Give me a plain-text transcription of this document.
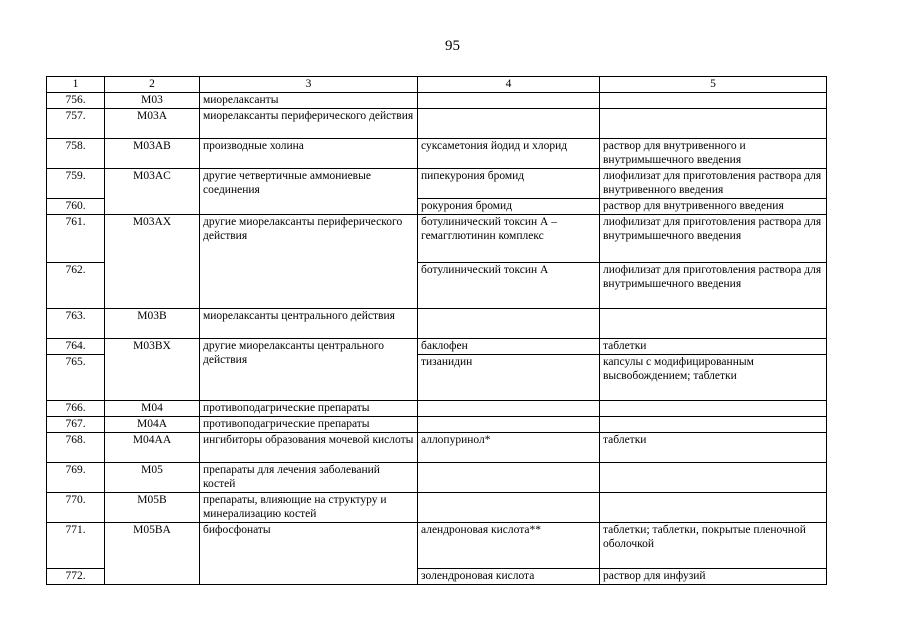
95
1	2	3	4	5
756.	M03	миорелаксанты		
757.	M03A	миорелаксанты периферического действия		
758.	M03AB	производные холина	суксаметония йодид и хлорид	раствор для внутривенного и внутримышечного введения
759.	M03AC	другие четвертичные аммониевые соединения	пипекурония бромид	лиофилизат для приготовления раствора для внутривенного введения
760.			рокурония бромид	раствор для внутривенного введения
761.	M03AX	другие миорелаксанты периферического действия	ботулинический токсин А – гемагглютинин комплекс	лиофилизат для приготовления раствора для внутримышечного введения
762.			ботулинический токсин А	лиофилизат для приготовления раствора для внутримышечного введения
763.	M03B	миорелаксанты центрального действия		
764.	M03BX	другие миорелаксанты центрального действия	баклофен	таблетки
765.			тизанидин	капсулы с модифицированным высвобождением; таблетки
766.	M04	противоподагрические препараты		
767.	M04A	противоподагрические препараты		
768.	M04AA	ингибиторы образования мочевой кислоты	аллопуринол*	таблетки
769.	M05	препараты для лечения заболеваний костей		
770.	M05B	препараты, влияющие на структуру и минерализацию костей		
771.	M05BA	бифосфонаты	алендроновая кислота**	таблетки; таблетки, покрытые пленочной оболочкой
772.			золендроновая кислота	раствор для инфузий
